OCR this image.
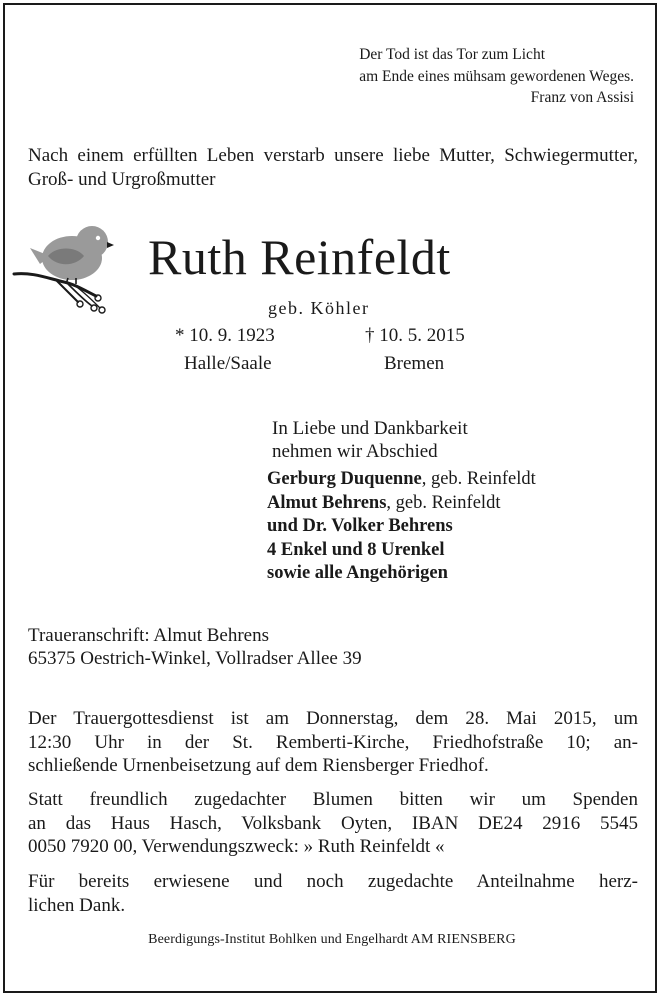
Der Tod ist das Tor zum Licht
am Ende eines mühsam gewordenen Weges.
Franz von Assisi
Nach einem erfüllten Leben verstarb unsere liebe Mutter, Schwiegermutter, Groß- und Urgroßmutter
Ruth Reinfeldt
geb. Köhler
* 10. 9. 1923	† 10. 5. 2015
Halle/Saale	Bremen
In Liebe und Dankbarkeit
nehmen wir Abschied
Gerburg Duquenne, geb. Reinfeldt
Almut Behrens, geb. Reinfeldt
und Dr. Volker Behrens
4 Enkel und 8 Urenkel
sowie alle Angehörigen
Traueranschrift: Almut Behrens
65375 Oestrich-Winkel, Vollradser Allee 39
Der Trauergottesdienst ist am Donnerstag, dem 28. Mai 2015, um
12:30 Uhr in der St. Remberti-Kirche, Friedhofstraße 10; an-
schließende Urnenbeisetzung auf dem Riensberger Friedhof.
Statt freundlich zugedachter Blumen bitten wir um Spenden
an das Haus Hasch, Volksbank Oyten, IBAN DE24 2916 5545
0050 7920 00, Verwendungszweck: » Ruth Reinfeldt «
Für bereits erwiesene und noch zugedachte Anteilnahme herz-
lichen Dank.
Beerdigungs-Institut Bohlken und Engelhardt AM RIENSBERG
